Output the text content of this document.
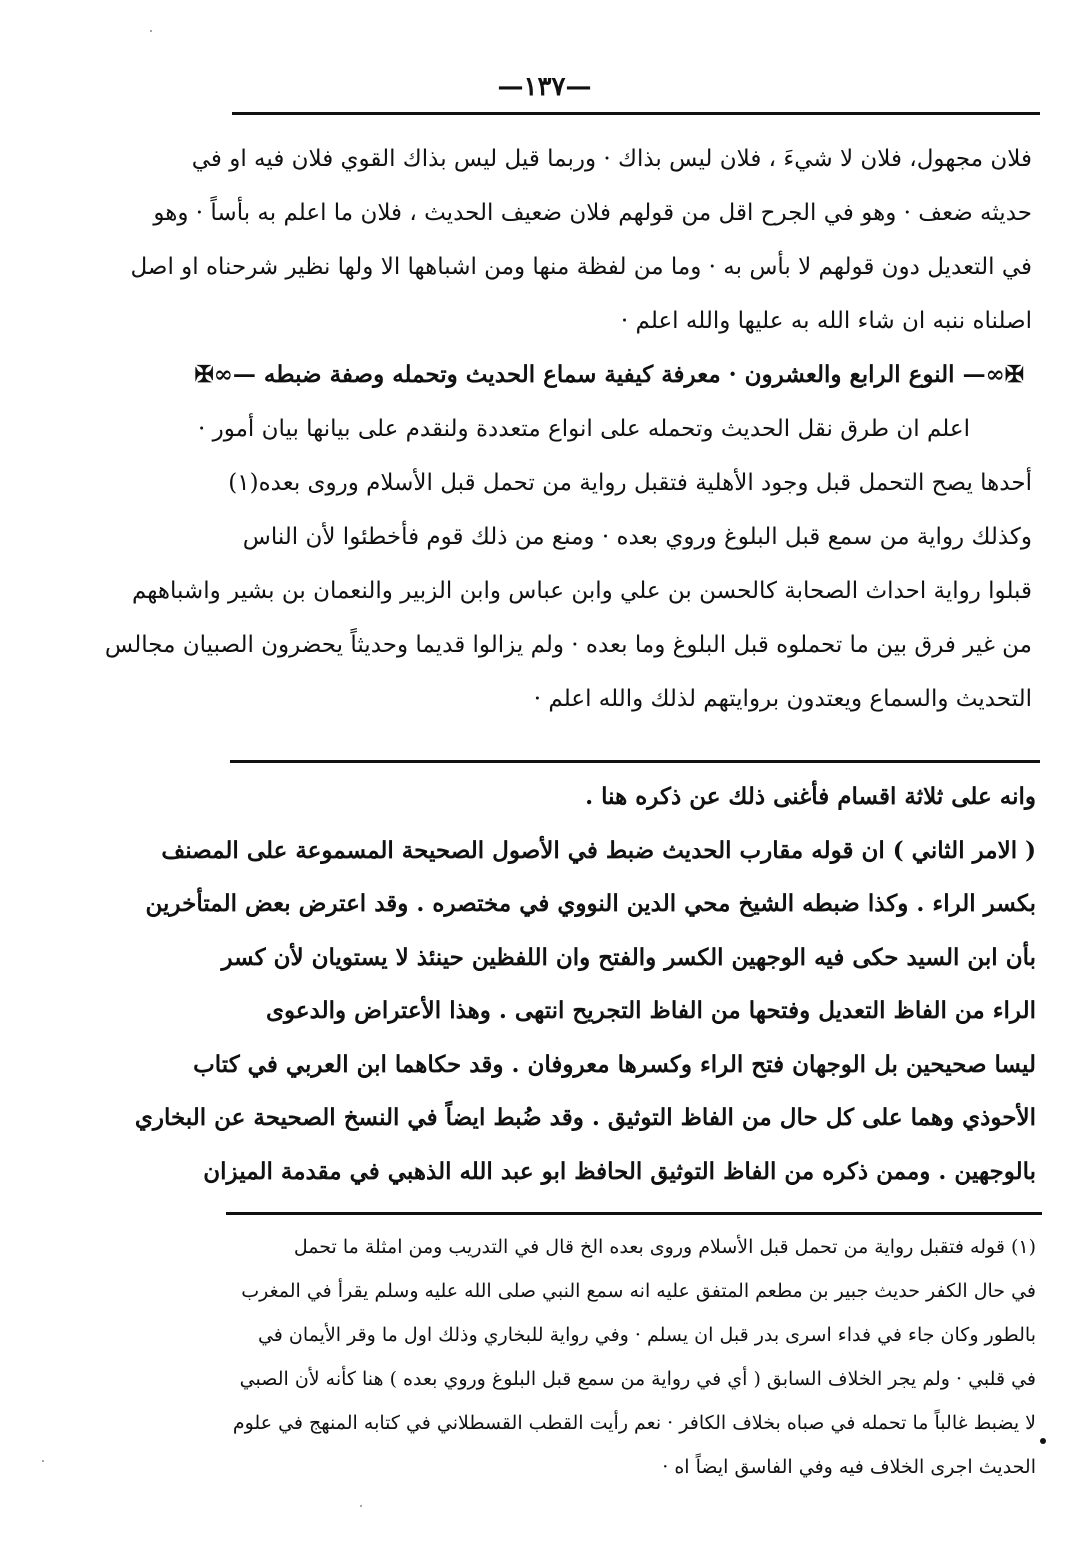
—١٣٧—
فلان مجهول، فلان لا شيءَ ، فلان ليس بذاك · وربما قيل ليس بذاك القوي فلان فيه او في
حديثه ضعف · وهو في الجرح اقل من قولهم فلان ضعيف الحديث ، فلان ما اعلم به بأساً · وهو
في التعديل دون قولهم لا بأس به · وما من لفظة منها ومن اشباهها الا ولها نظير شرحناه او اصل
اصلناه ننبه ان شاء الله به عليها والله اعلم ·
✠∞—النوع الرابع والعشرون · معرفة كيفية سماع الحديث وتحمله وصفة ضبطه—∞✠
اعلم ان طرق نقل الحديث وتحمله على انواع متعددة ولنقدم على بيانها بيان أمور ·
أحدها يصح التحمل قبل وجود الأهلية فتقبل رواية من تحمل قبل الأسلام وروى بعده(١)
وكذلك رواية من سمع قبل البلوغ وروي بعده · ومنع من ذلك قوم فأخطئوا لأن الناس
قبلوا رواية احداث الصحابة كالحسن بن علي وابن عباس وابن الزبير والنعمان بن بشير واشباههم
من غير فرق بين ما تحملوه قبل البلوغ وما بعده · ولم يزالوا قديما وحديثاً يحضرون الصبيان مجالس
التحديث والسماع ويعتدون بروايتهم لذلك والله اعلم ·
وانه على ثلاثة اقسام فأغنى ذلك عن ذكره هنا .
( الامر الثاني ) ان قوله مقارب الحديث ضبط في الأصول الصحيحة المسموعة على المصنف
بكسر الراء . وكذا ضبطه الشيخ محي الدين النووي في مختصره . وقد اعترض بعض المتأخرين
بأن ابن السيد حكى فيه الوجهين الكسر والفتح وان اللفظين حينئذ لا يستويان لأن كسر
الراء من الفاظ التعديل وفتحها من الفاظ التجريح انتهى . وهذا الأعتراض والدعوى
ليسا صحيحين بل الوجهان فتح الراء وكسرها معروفان . وقد حكاهما ابن العربي في كتاب
الأحوذي وهما على كل حال من الفاظ التوثيق . وقد ضُبط ايضاً في النسخ الصحيحة عن البخاري
بالوجهين . وممن ذكره من الفاظ التوثيق الحافظ ابو عبد الله الذهبي في مقدمة الميزان
(١) قوله فتقبل رواية من تحمل قبل الأسلام وروى بعده الخ قال في التدريب ومن امثلة ما تحمل
في حال الكفر حديث جبير بن مطعم المتفق عليه انه سمع النبي صلى الله عليه وسلم يقرأ في المغرب
بالطور وكان جاء في فداء اسرى بدر قبل ان يسلم · وفي رواية للبخاري وذلك اول ما وقر الأيمان في
في قلبي · ولم يجر الخلاف السابق ( أي في رواية من سمع قبل البلوغ وروي بعده ) هنا كأنه لأن الصبي
لا يضبط غالباً ما تحمله في صباه بخلاف الكافر · نعم رأيت القطب القسطلاني في كتابه المنهج في علوم
الحديث اجرى الخلاف فيه وفي الفاسق ايضاً اه ·
